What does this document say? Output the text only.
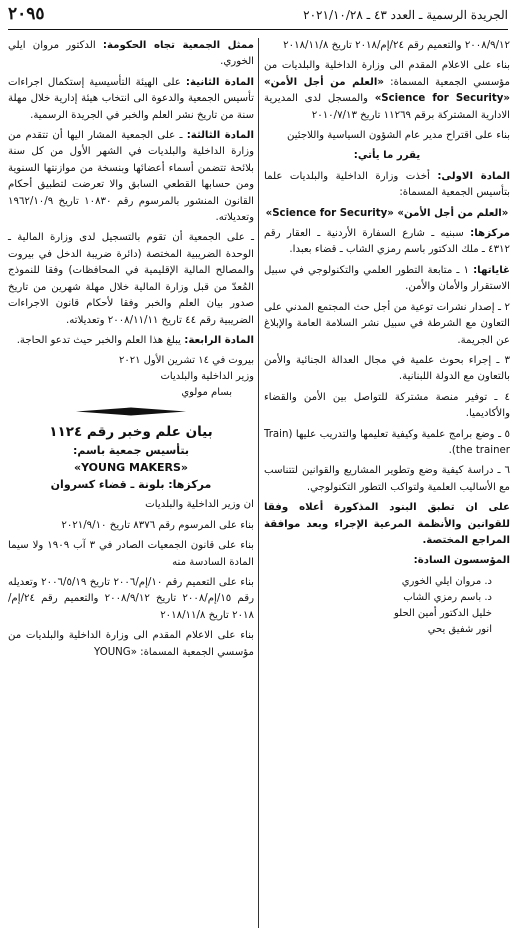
الجريدة الرسمية ـ العدد ٤٣ ـ ٢٠٢١/١٠/٢٨
٢٠٩٥
٢٠٠٨/٩/١٢ والتعميم رقم ٢٤/إم/٢٠١٨ تاريخ ٢٠١٨/١١/٨
بناء على الاعلام المقدم الى وزارة الداخلية والبلديات من مؤسسي الجمعية المسماة: «العلم من أجل الأمن» «Science for Security» والمسجل لدى المديرية الادارية المشتركة برقم ١١٢٦٩ تاريخ ٢٠١٠/٧/١٣
بناء على اقتراح مدير عام الشؤون السياسية واللاجئين
يقرر ما يأتي:
المادة الاولى: أخذت وزارة الداخلية والبلديات علما بتأسيس الجمعية المسماة:
«العلم من أجل الأمن» «Science for Security»
مركزها: سبنيه ـ شارع السفارة الأردنية ـ العقار رقم ٤٣١٢ ـ ملك الدكتور باسم رمزي الشاب ـ قضاء بعبدا.
غاياتها: ١ ـ متابعة التطور العلمي والتكنولوجي في سبيل الاستقرار والأمان والأمن.
٢ ـ إصدار نشرات توعية من أجل حث المجتمع المدني على التعاون مع الشرطة في سبيل نشر السلامة العامة والإبلاغ عن الجريمة.
٣ ـ إجراء بحوث علمية في مجال العدالة الجنائية والأمن بالتعاون مع الدولة اللبنانية.
٤ ـ توفير منصة مشتركة للتواصل بين الأمن والقضاء والأكاديميا.
٥ ـ وضع برامج علمية وكيفية تعليمها والتدريب عليها (Train the trainer).
٦ ـ دراسة كيفية وضع وتطوير المشاريع والقوانين لتتناسب مع الأساليب العلمية ولتواكب التطور التكنولوجي.
على ان تطبق البنود المذكورة أعلاه وفقا للقوانين والأنظمة المرعية الإجراء وبعد موافقة المراجع المختصة.
المؤسسون السادة:
د. مروان ايلي الخوري
د. باسم رمزي الشاب
خليل الدكتور أمين الحلو
انور شفيق يحي
ممثل الجمعية تجاه الحكومة: الدكتور مروان ايلي الخوري.
المادة الثانية: على الهيئة التأسيسية إستكمال اجراءات تأسيس الجمعية والدعوة الى انتخاب هيئة إدارية خلال مهلة سنة من تاريخ نشر العلم والخبر في الجريدة الرسمية.
المادة الثالثة: ـ على الجمعية المشار اليها أن تتقدم من وزارة الداخلية والبلديات في الشهر الأول من كل سنة بلائحة تتضمن أسماء أعضائها وبنسخة من موازنتها السنوية ومن حسابها القطعي السابق والا تعرضت لتطبيق أحكام القانون المنشور بالمرسوم رقم ١٠٨٣٠ تاريخ ١٩٦٢/١٠/٩ وتعديلاته.
ـ على الجمعية أن تقوم بالتسجيل لدى وزارة المالية ـ الوحدة الضريبية المختصة (دائرة ضريبة الدخل في بيروت والمصالح المالية الإقليمية في المحافظات) وفقا للنموذج المُعدّ من قبل وزارة المالية خلال مهلة شهرين من تاريخ صدور بيان العلم والخبر وفقا لأحكام قانون الاجراءات الضريبية رقم ٤٤ تاريخ ٢٠٠٨/١١/١١ وتعديلاته.
المادة الرابعة: يبلغ هذا العلم والخبر حيث تدعو الحاجة.
بيروت في ١٤ تشرين الأول ٢٠٢١
وزير الداخلية والبلديات
بسام مولوي
بيان علم وخبر رقم ١١٢٤
بتأسيس جمعية باسم:
«YOUNG MAKERS»
مركزها: بلونة ـ قضاء كسروان
ان وزير الداخلية والبلديات
بناء على المرسوم رقم ٨٣٧٦ تاريخ ٢٠٢١/٩/١٠
بناء على قانون الجمعيات الصادر في ٣ آب ١٩٠٩ ولا سيما المادة السادسة منه
بناء على التعميم رقم ١٠/إم/٢٠٠٦ تاريخ ٢٠٠٦/٥/١٩ وتعديله رقم ١٥/إم/٢٠٠٨ تاريخ ٢٠٠٨/٩/١٢ والتعميم رقم ٢٤/إم/٢٠١٨ تاريخ ٢٠١٨/١١/٨
بناء على الاعلام المقدم الى وزارة الداخلية والبلديات من مؤسسي الجمعية المسماة: «YOUNG
